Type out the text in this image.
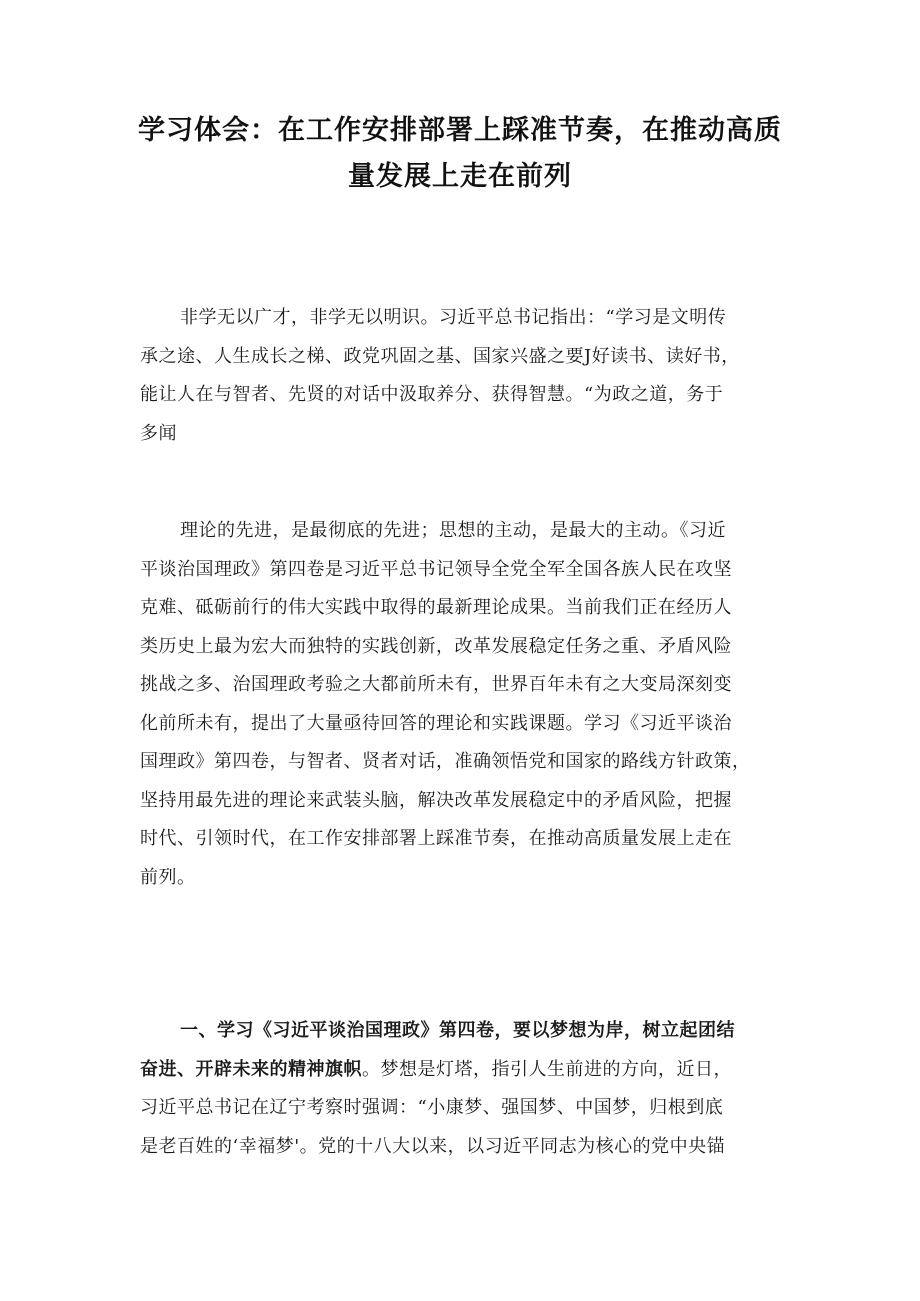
学习体会：在工作安排部署上踩准节奏，在推动高质
量发展上走在前列
非学无以广才，非学无以明识。习近平总书记指出：“学习是文明传
承之途、人生成长之梯、政党巩固之基、国家兴盛之要J好读书、读好书，
能让人在与智者、先贤的对话中汲取养分、获得智慧。“为政之道，务于
多闻
理论的先进，是最彻底的先进；思想的主动，是最大的主动。《习近
平谈治国理政》第四卷是习近平总书记领导全党全军全国各族人民在攻坚
克难、砥砺前行的伟大实践中取得的最新理论成果。当前我们正在经历人
类历史上最为宏大而独特的实践创新，改革发展稳定任务之重、矛盾风险
挑战之多、治国理政考验之大都前所未有，世界百年未有之大变局深刻变
化前所未有，提出了大量亟待回答的理论和实践课题。学习《习近平谈治
国理政》第四卷，与智者、贤者对话，准确领悟党和国家的路线方针政策，
坚持用最先进的理论来武装头脑，解决改革发展稳定中的矛盾风险，把握
时代、引领时代，在工作安排部署上踩准节奏，在推动高质量发展上走在
前列。
一、学习《习近平谈治国理政》第四卷，要以梦想为岸，树立起团结
奋进、开辟未来的精神旗帜。梦想是灯塔，指引人生前进的方向，近日，
习近平总书记在辽宁考察时强调：“小康梦、强国梦、中国梦，归根到底
是老百姓的‘幸福梦'。党的十八大以来，以习近平同志为核心的党中央锚
